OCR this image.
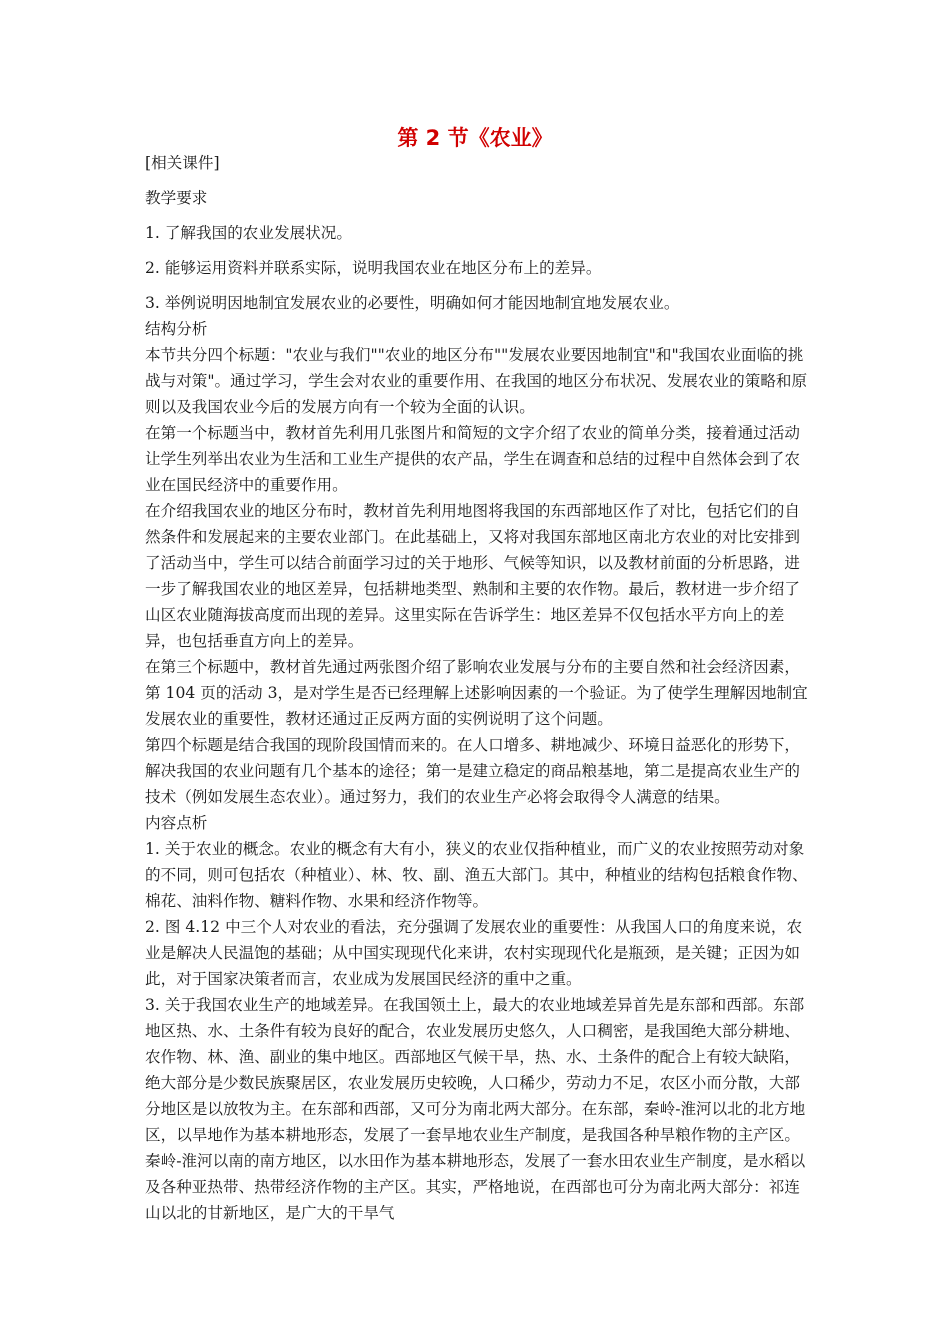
第 2 节《农业》

[相关课件]

教学要求

1. 了解我国的农业发展状况。

2. 能够运用资料并联系实际，说明我国农业在地区分布上的差异。

3. 举例说明因地制宜发展农业的必要性，明确如何才能因地制宜地发展农业。

结构分析

本节共分四个标题："农业与我们""农业的地区分布""发展农业要因地制宜"和"我国农业面临的挑战与对策"。通过学习，学生会对农业的重要作用、在我国的地区分布状况、发展农业的策略和原则以及我国农业今后的发展方向有一个较为全面的认识。

在第一个标题当中，教材首先利用几张图片和简短的文字介绍了农业的简单分类，接着通过活动让学生列举出农业为生活和工业生产提供的农产品，学生在调查和总结的过程中自然体会到了农业在国民经济中的重要作用。

在介绍我国农业的地区分布时，教材首先利用地图将我国的东西部地区作了对比，包括它们的自然条件和发展起来的主要农业部门。在此基础上，又将对我国东部地区南北方农业的对比安排到了活动当中，学生可以结合前面学习过的关于地形、气候等知识，以及教材前面的分析思路，进一步了解我国农业的地区差异，包括耕地类型、熟制和主要的农作物。最后，教材进一步介绍了山区农业随海拔高度而出现的差异。这里实际在告诉学生：地区差异不仅包括水平方向上的差异，也包括垂直方向上的差异。

在第三个标题中，教材首先通过两张图介绍了影响农业发展与分布的主要自然和社会经济因素，第 104 页的活动 3，是对学生是否已经理解上述影响因素的一个验证。为了使学生理解因地制宜发展农业的重要性，教材还通过正反两方面的实例说明了这个问题。

第四个标题是结合我国的现阶段国情而来的。在人口增多、耕地减少、环境日益恶化的形势下，解决我国的农业问题有几个基本的途径；第一是建立稳定的商品粮基地，第二是提高农业生产的技术（例如发展生态农业）。通过努力，我们的农业生产必将会取得令人满意的结果。

内容点析

1. 关于农业的概念。农业的概念有大有小，狭义的农业仅指种植业，而广义的农业按照劳动对象的不同，则可包括农（种植业）、林、牧、副、渔五大部门。其中，种植业的结构包括粮食作物、棉花、油料作物、糖料作物、水果和经济作物等。

2. 图 4.12 中三个人对农业的看法，充分强调了发展农业的重要性：从我国人口的角度来说，农业是解决人民温饱的基础；从中国实现现代化来讲，农村实现现代化是瓶颈，是关键；正因为如此，对于国家决策者而言，农业成为发展国民经济的重中之重。

3. 关于我国农业生产的地域差异。在我国领土上，最大的农业地域差异首先是东部和西部。东部地区热、水、土条件有较为良好的配合，农业发展历史悠久，人口稠密，是我国绝大部分耕地、农作物、林、渔、副业的集中地区。西部地区气候干旱，热、水、土条件的配合上有较大缺陷，绝大部分是少数民族聚居区，农业发展历史较晚，人口稀少，劳动力不足，农区小而分散，大部分地区是以放牧为主。在东部和西部，又可分为南北两大部分。在东部，秦岭-淮河以北的北方地区，以旱地作为基本耕地形态，发展了一套旱地农业生产制度，是我国各种旱粮作物的主产区。秦岭-淮河以南的南方地区，以水田作为基本耕地形态，发展了一套水田农业生产制度，是水稻以及各种亚热带、热带经济作物的主产区。其实，严格地说，在西部也可分为南北两大部分：祁连山以北的甘新地区，是广大的干旱气
